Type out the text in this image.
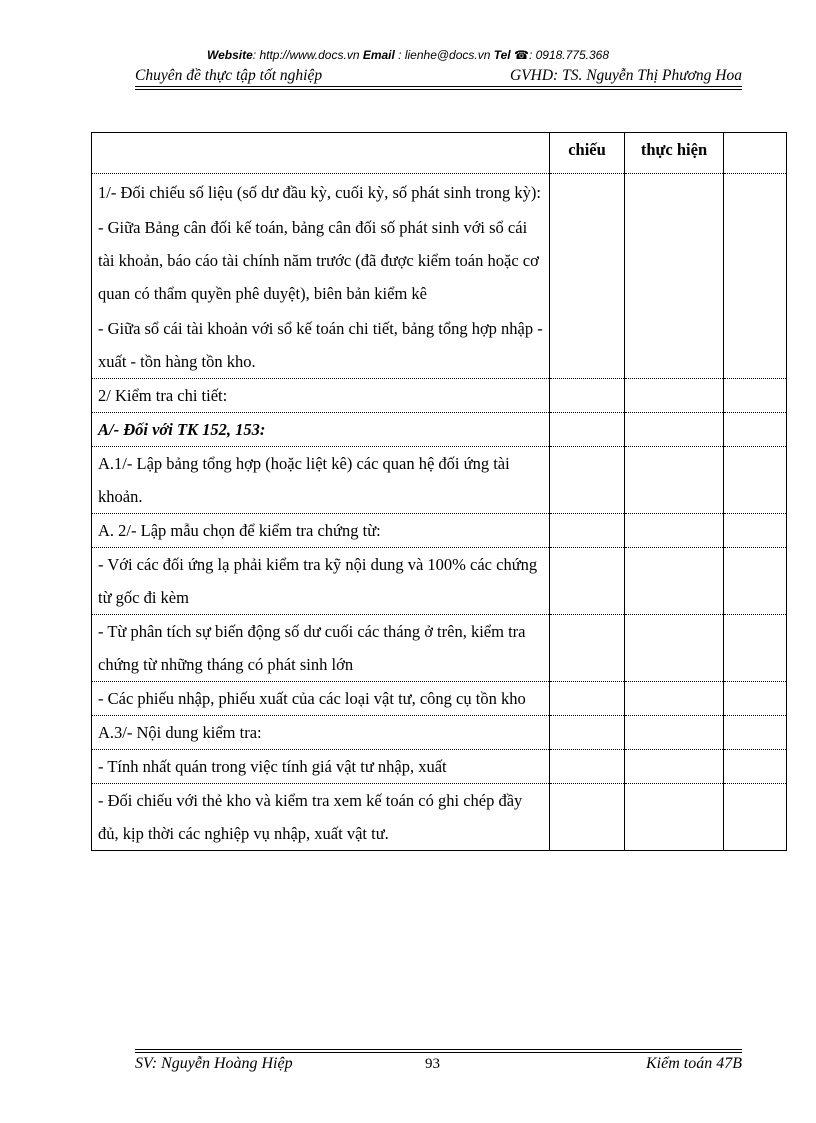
Website: http://www.docs.vn Email : lienhe@docs.vn Tel ☎: 0918.775.368
Chuyên đề thực tập tốt nghiệp	GVHD: TS. Nguyễn Thị Phương Hoa
	chiếu	thực hiện	

1/- Đối chiếu số liệu (số dư đầu kỳ, cuối kỳ, số phát sinh trong kỳ):

- Giữa Bảng cân đối kế toán, bảng cân đối số phát sinh với sổ cái tài khoản, báo cáo tài chính năm trước (đã được kiểm toán hoặc cơ quan có thẩm quyền phê duyệt), biên bản kiểm kê

- Giữa sổ cái tài khoản với sổ kế toán chi tiết, bảng tổng hợp nhập - xuất - tồn hàng tồn kho.			

2/ Kiểm tra chi tiết:			
A/- Đối với TK 152, 153:			
A.1/- Lập bảng tổng hợp (hoặc liệt kê) các quan hệ đối ứng tài khoản.			
A. 2/- Lập mẫu chọn để kiểm tra chứng từ:			
- Với các đối ứng lạ phải kiểm tra kỹ nội dung và 100% các chứng từ gốc đi kèm			
- Từ phân tích sự biến động số dư cuối các tháng ở trên, kiểm tra chứng từ những tháng có phát sinh lớn			
- Các phiếu nhập, phiếu xuất của các loại vật tư, công cụ tồn kho			
A.3/- Nội dung kiểm tra:			
- Tính nhất quán trong việc tính giá vật tư nhập, xuất			
- Đối chiếu với thẻ kho và kiểm tra xem kế toán có ghi chép đầy đủ, kịp thời các nghiệp vụ nhập, xuất vật tư.			
SV: Nguyễn Hoàng Hiệp	93	Kiểm toán 47B
